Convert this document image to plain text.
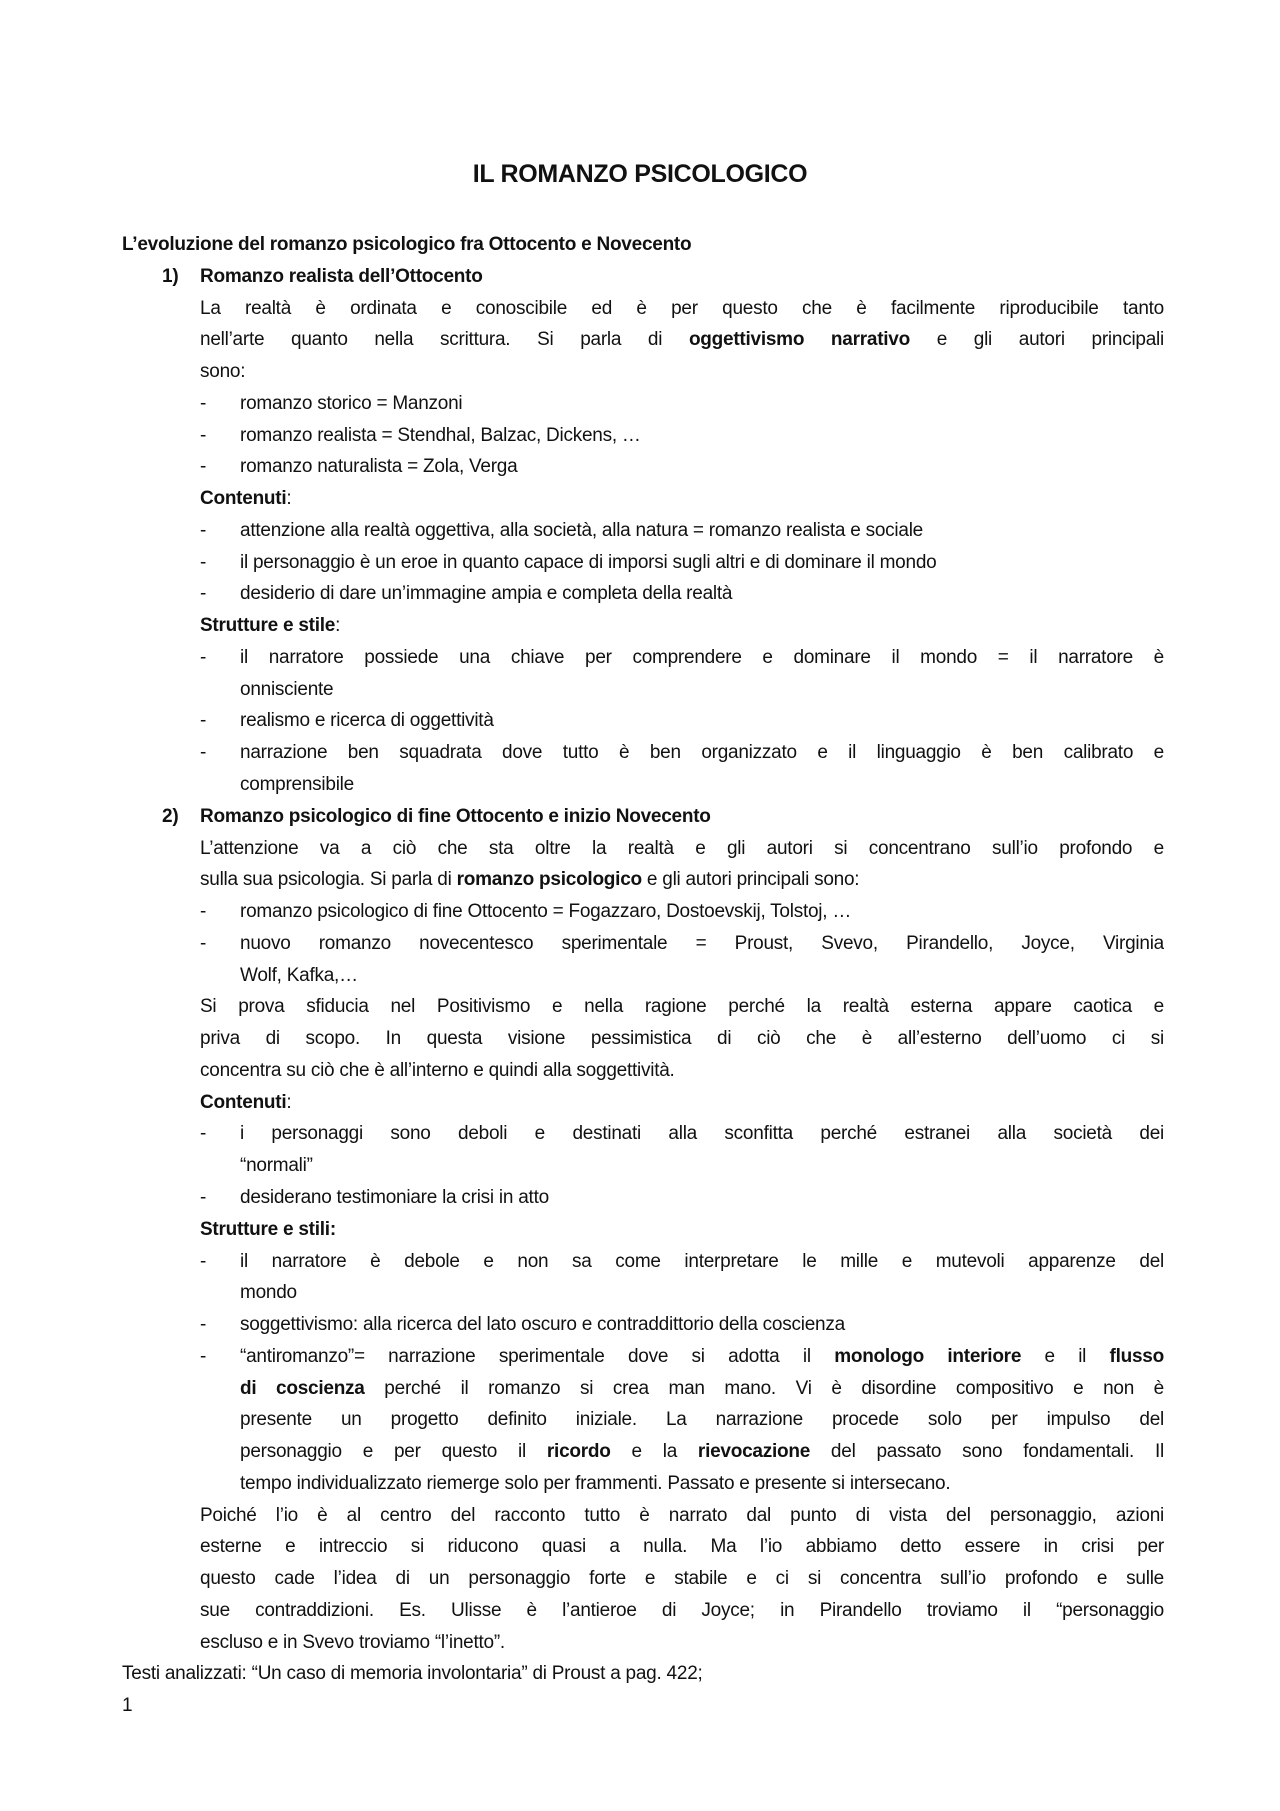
IL ROMANZO PSICOLOGICO
L’evoluzione del romanzo psicologico fra Ottocento e Novecento
1) Romanzo realista dell’Ottocento
La realtà è ordinata e conoscibile ed è per questo che è facilmente riproducibile tanto
nell’arte quanto nella scrittura. Si parla di oggettivismo narrativo e gli autori principali
sono:
- romanzo storico = Manzoni
- romanzo realista = Stendhal, Balzac, Dickens, …
- romanzo naturalista = Zola, Verga
Contenuti:
- attenzione alla realtà oggettiva, alla società, alla natura = romanzo realista e sociale
- il personaggio è un eroe in quanto capace di imporsi sugli altri e di dominare il mondo
- desiderio di dare un’immagine ampia e completa della realtà
Strutture e stile:
- il narratore possiede una chiave per comprendere e dominare il mondo = il narratore è
onnisciente
- realismo e ricerca di oggettività
- narrazione ben squadrata dove tutto è ben organizzato e il linguaggio è ben calibrato e
comprensibile
2) Romanzo psicologico di fine Ottocento e inizio Novecento
L’attenzione va a ciò che sta oltre la realtà e gli autori si concentrano sull’io profondo e
sulla sua psicologia. Si parla di romanzo psicologico e gli autori principali sono:
- romanzo psicologico di fine Ottocento = Fogazzaro, Dostoevskij, Tolstoj, …
- nuovo romanzo novecentesco sperimentale = Proust, Svevo, Pirandello, Joyce, Virginia
Wolf, Kafka,…
Si prova sfiducia nel Positivismo e nella ragione perché la realtà esterna appare caotica e
priva di scopo. In questa visione pessimistica di ciò che è all’esterno dell’uomo ci si
concentra su ciò che è all’interno e quindi alla soggettività.
Contenuti:
- i personaggi sono deboli e destinati alla sconfitta perché estranei alla società dei
“normali”
- desiderano testimoniare la crisi in atto
Strutture e stili:
- il narratore è debole e non sa come interpretare le mille e mutevoli apparenze del
mondo
- soggettivismo: alla ricerca del lato oscuro e contraddittorio della coscienza
- “antiromanzo”= narrazione sperimentale dove si adotta il monologo interiore e il flusso
di coscienza perché il romanzo si crea man mano. Vi è disordine compositivo e non è
presente un progetto definito iniziale. La narrazione procede solo per impulso del
personaggio e per questo il ricordo e la rievocazione del passato sono fondamentali. Il
tempo individualizzato riemerge solo per frammenti. Passato e presente si intersecano.
Poiché l’io è al centro del racconto tutto è narrato dal punto di vista del personaggio, azioni
esterne e intreccio si riducono quasi a nulla. Ma l’io abbiamo detto essere in crisi per
questo cade l’idea di un personaggio forte e stabile e ci si concentra sull’io profondo e sulle
sue contraddizioni. Es. Ulisse è l’antieroe di Joyce; in Pirandello troviamo il “personaggio
escluso e in Svevo troviamo “l’inetto”.
Testi analizzati: “Un caso di memoria involontaria” di Proust a pag. 422;
1
